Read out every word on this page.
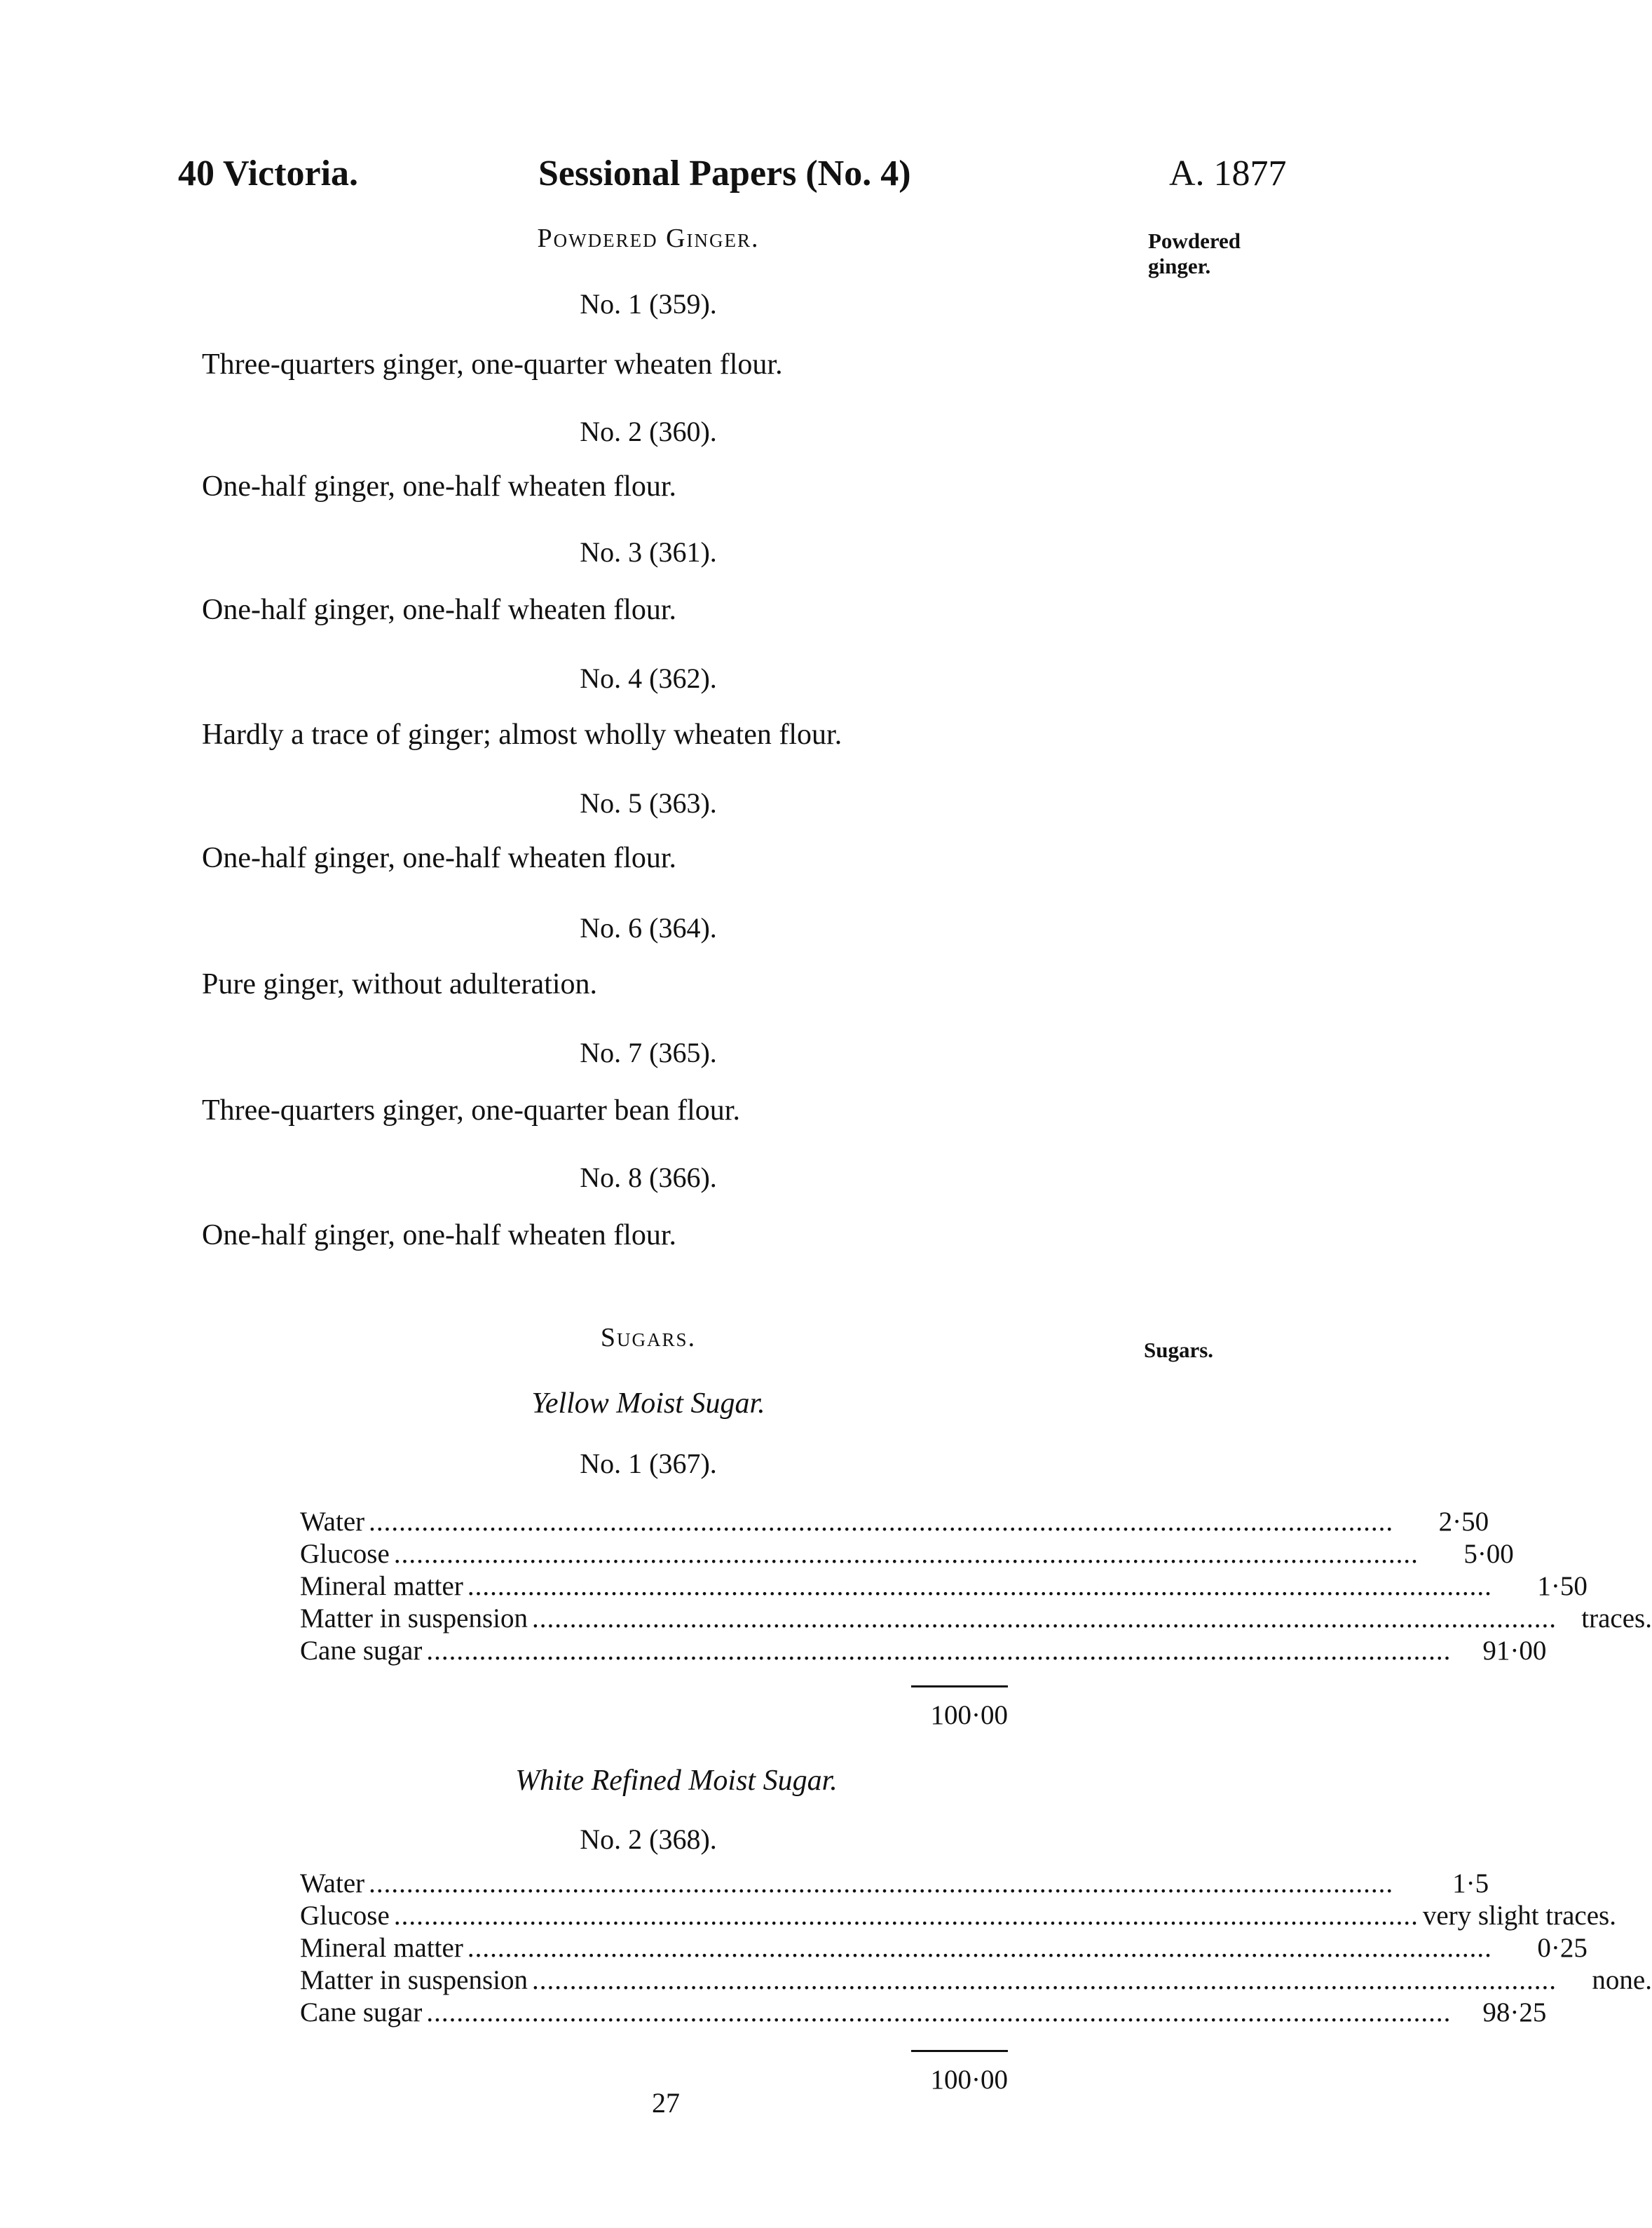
40 Victoria.	Sessional Papers (No. 4)	A. 1877
Powdered Ginger.	Powdered
ginger.
No. 1 (359).
Three-quarters ginger, one-quarter wheaten flour.
No. 2 (360).
One-half ginger, one-half wheaten flour.
No. 3 (361).
One-half ginger, one-half wheaten flour.
No. 4 (362).
Hardly a trace of ginger; almost wholly wheaten flour.
No. 5 (363).
One-half ginger, one-half wheaten flour.
No. 6 (364).
Pure ginger, without adulteration.
No. 7 (365).
Three-quarters ginger, one-quarter bean flour.
No. 8 (366).
One-half ginger, one-half wheaten flour.
Sugars.	Sugars.
Yellow Moist Sugar.
No. 1 (367).
Water ........................................................................................................................................	2·50
Glucose ........................................................................................................................................	5·00
Mineral matter ........................................................................................................................................	1·50
Matter in suspension ........................................................................................................................................ traces.
Cane sugar ........................................................................................................................................	91·00
100·00
White Refined Moist Sugar.
No. 2 (368).
Water ........................................................................................................................................	1·5
Glucose ........................................................................................................................................ very slight traces.
Mineral matter ........................................................................................................................................	0·25
Matter in suspension ........................................................................................................................................	none.
Cane sugar ........................................................................................................................................	98·25
100·00
27
